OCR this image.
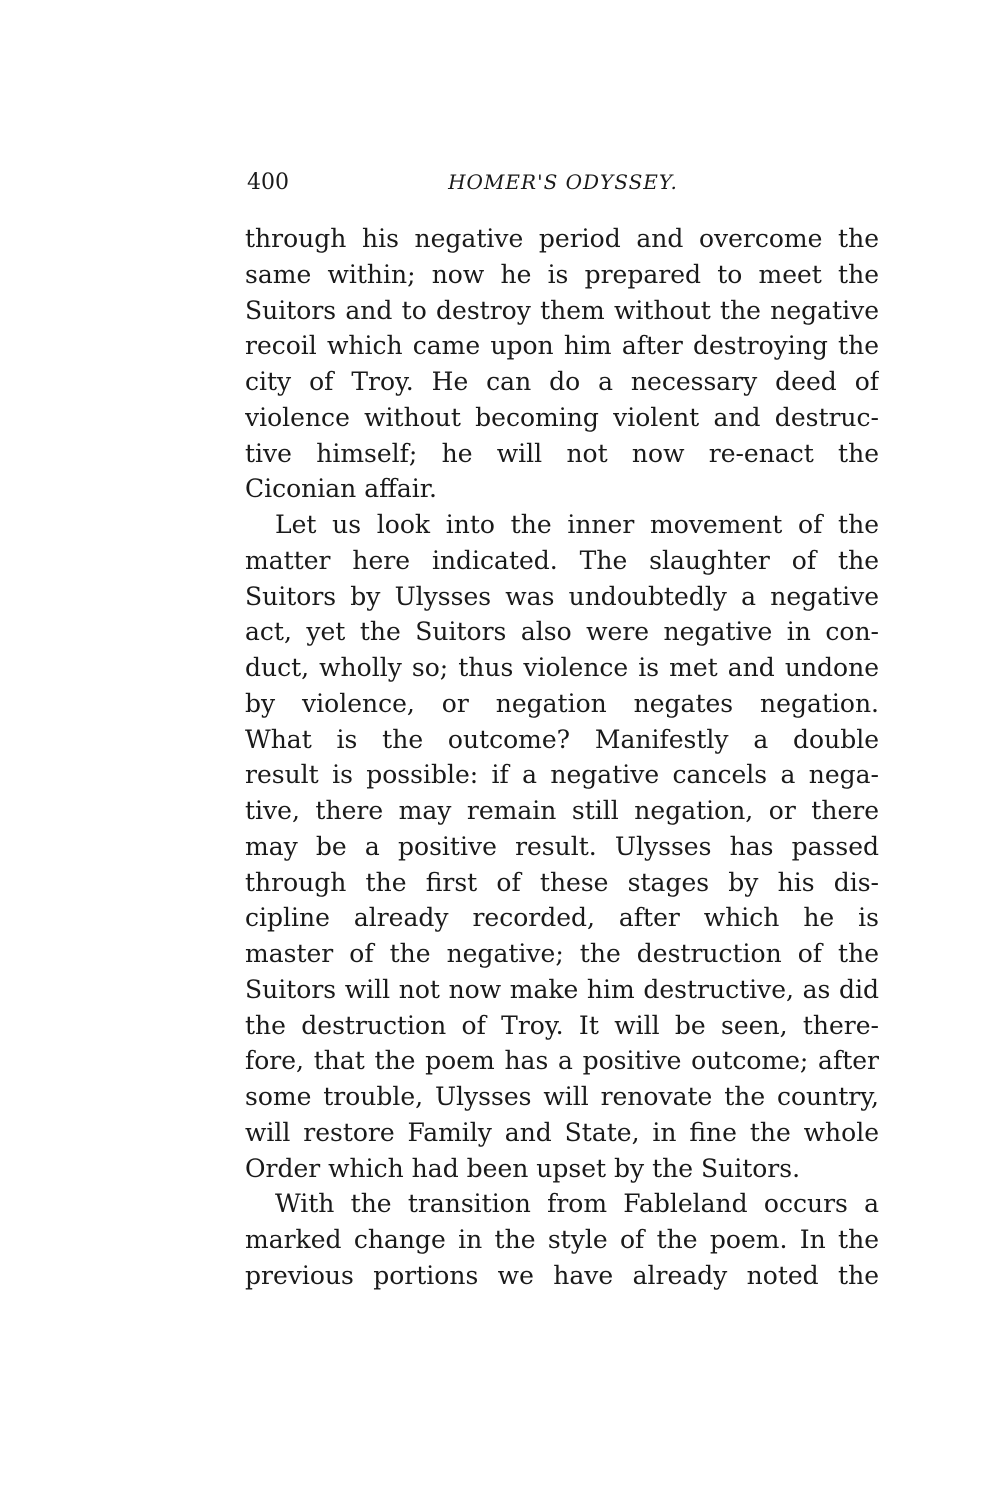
400	HOMER'S ODYSSEY.
through his negative period and overcome the
same within; now he is prepared to meet the
Suitors and to destroy them without the negative
recoil which came upon him after destroying the
city of Troy. He can do a necessary deed of
violence without becoming violent and destruc-
tive himself; he will not now re-enact the
Ciconian affair.
Let us look into the inner movement of the
matter here indicated. The slaughter of the
Suitors by Ulysses was undoubtedly a negative
act, yet the Suitors also were negative in con-
duct, wholly so; thus violence is met and undone
by violence, or negation negates negation.
What is the outcome? Manifestly a double
result is possible: if a negative cancels a nega-
tive, there may remain still negation, or there
may be a positive result. Ulysses has passed
through the first of these stages by his dis-
cipline already recorded, after which he is
master of the negative; the destruction of the
Suitors will not now make him destructive, as did
the destruction of Troy. It will be seen, there-
fore, that the poem has a positive outcome; after
some trouble, Ulysses will renovate the country,
will restore Family and State, in fine the whole
Order which had been upset by the Suitors.
With the transition from Fableland occurs a
marked change in the style of the poem. In the
previous portions we have already noted the
